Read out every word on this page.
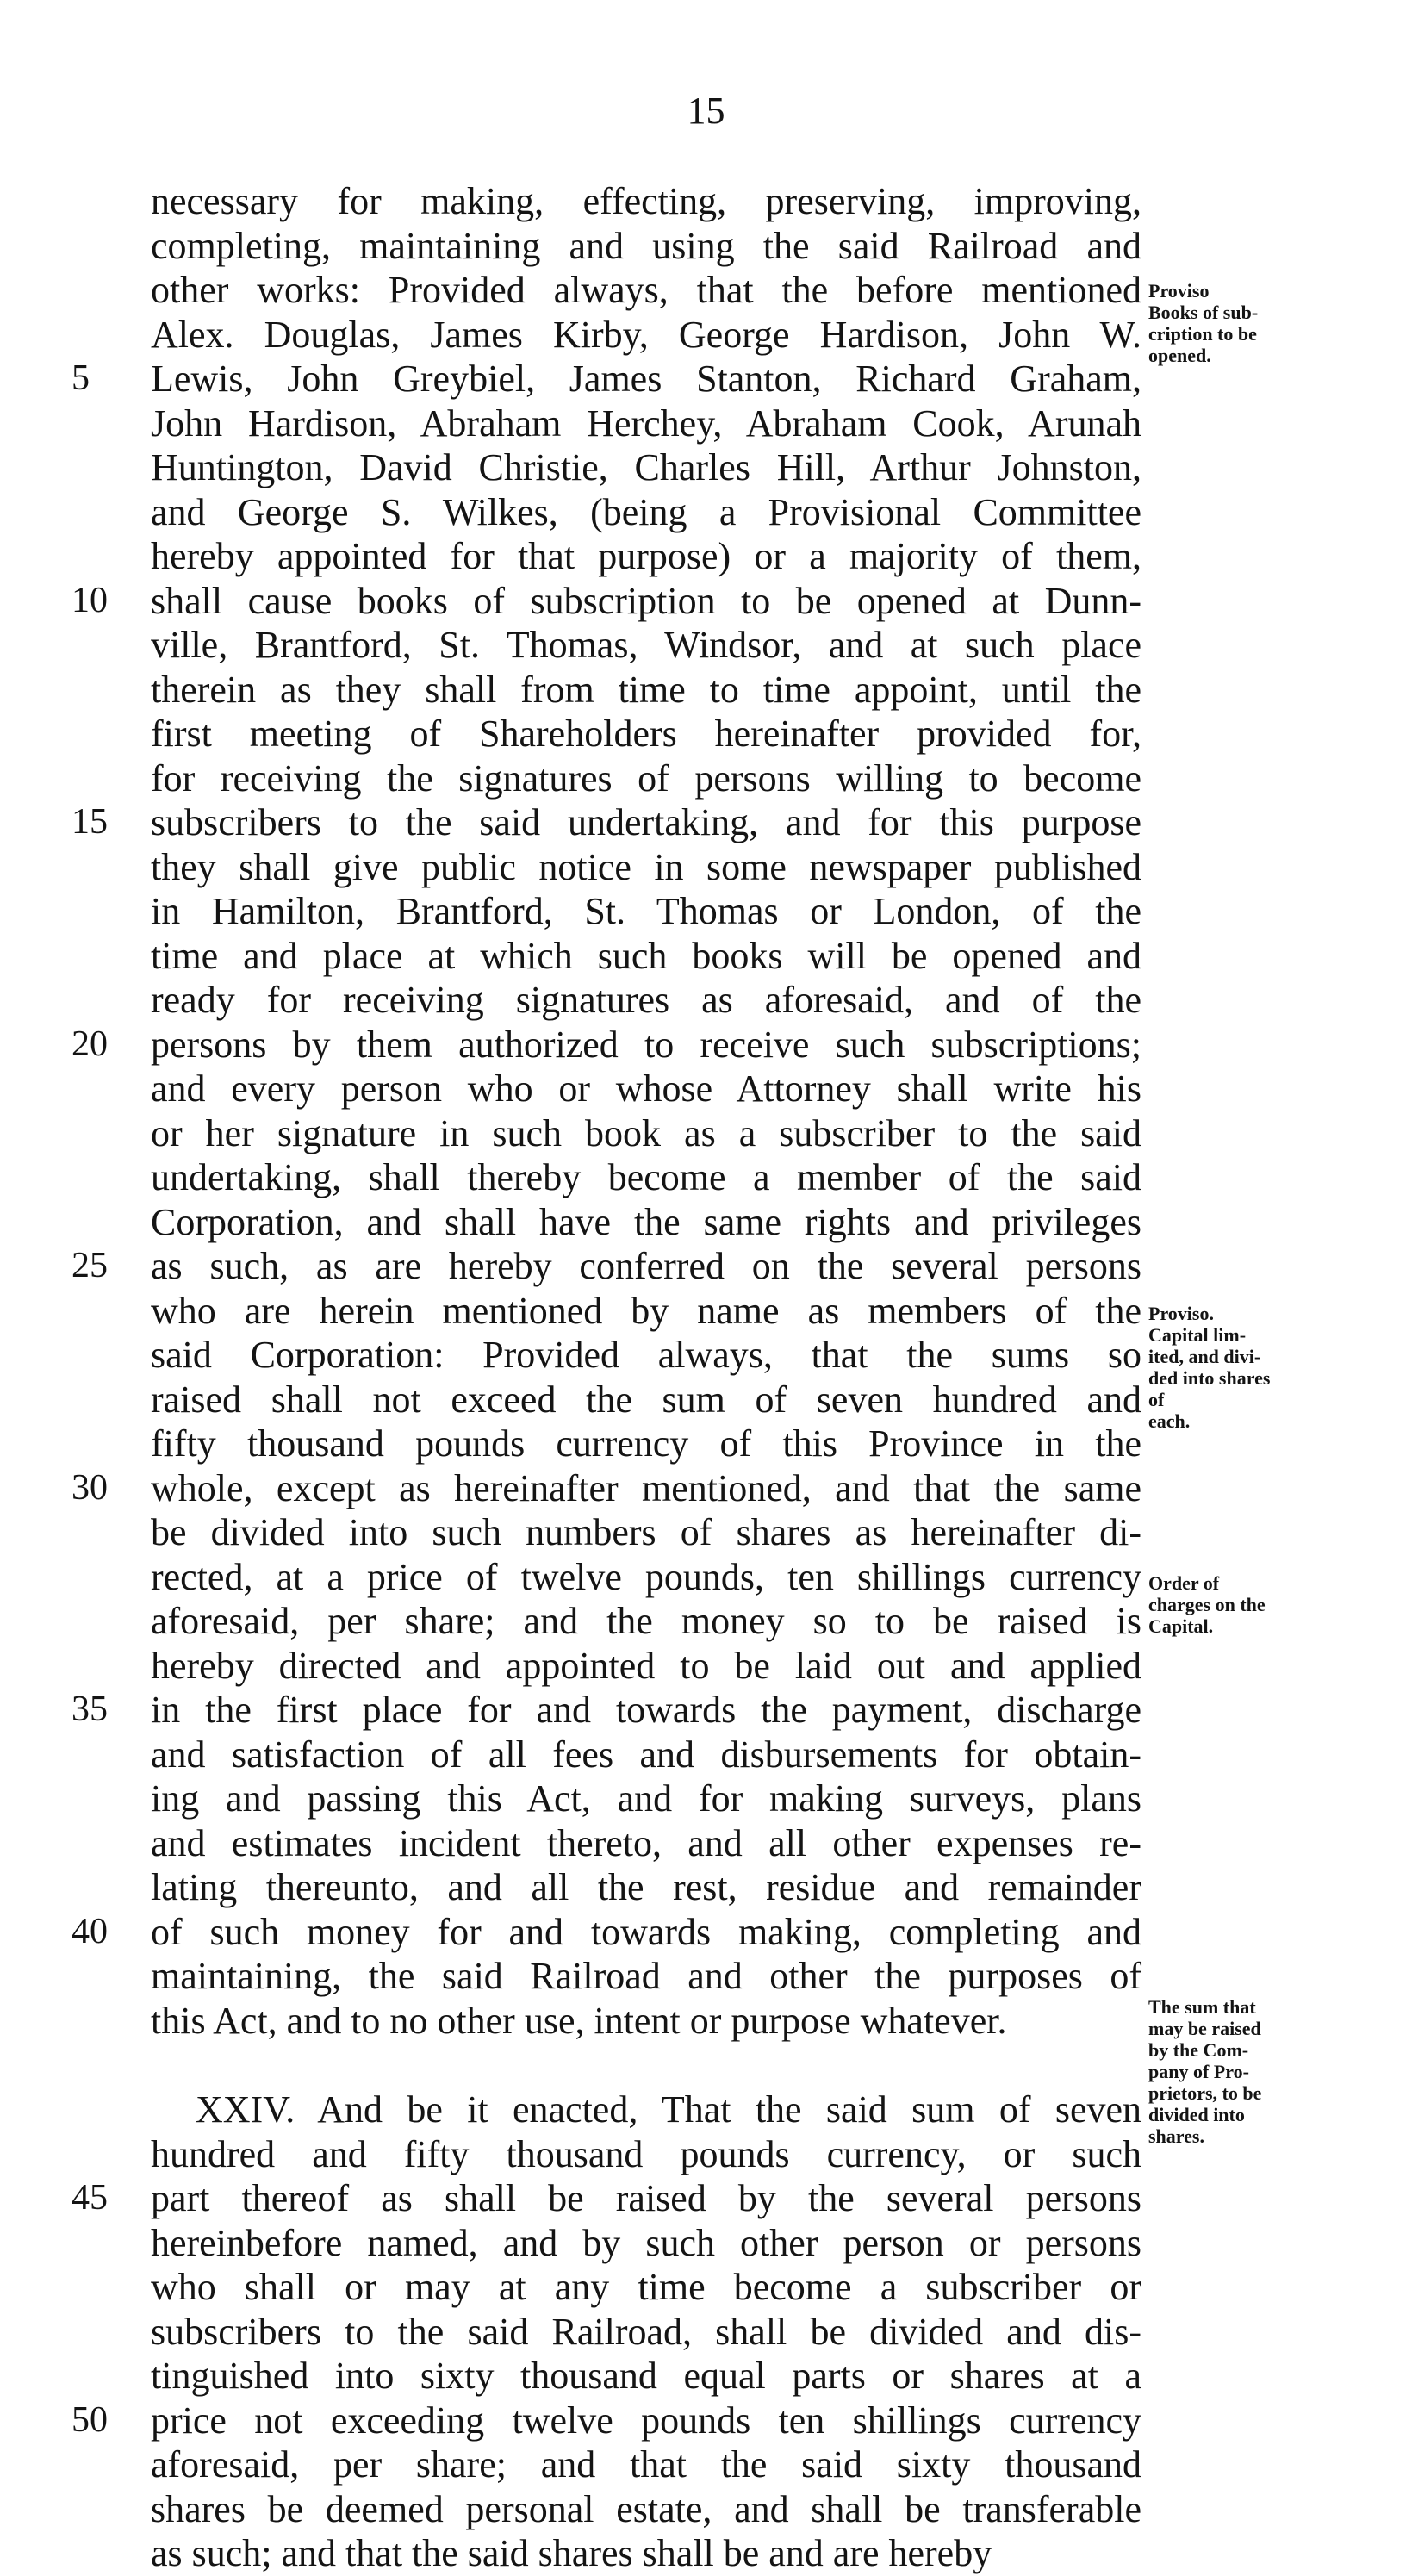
15
necessary for making, effecting, preserving, improving,
completing, maintaining and using the said Railroad and
other works: Provided always, that the before mentioned
Alex. Douglas, James Kirby, George Hardison, John W.
5	Lewis, John Greybiel, James Stanton, Richard Graham,
John Hardison, Abraham Herchey, Abraham Cook, Arunah
Huntington, David Christie, Charles Hill, Arthur Johnston,
and George S. Wilkes, (being a Provisional Committee
hereby appointed for that purpose) or a majority of them,
10	shall cause books of subscription to be opened at Dunn-
ville, Brantford, St. Thomas, Windsor, and at such place
therein as they shall from time to time appoint, until the
first meeting of Shareholders hereinafter provided for,
for receiving the signatures of persons willing to become
15	subscribers to the said undertaking, and for this purpose
they shall give public notice in some newspaper published
in Hamilton, Brantford, St. Thomas or London, of the
time and place at which such books will be opened and
ready for receiving signatures as aforesaid, and of the
20	persons by them authorized to receive such subscriptions;
and every person who or whose Attorney shall write his
or her signature in such book as a subscriber to the said
undertaking, shall thereby become a member of the said
Corporation, and shall have the same rights and privileges
25	as such, as are hereby conferred on the several persons
who are herein mentioned by name as members of the
said Corporation: Provided always, that the sums so
raised shall not exceed the sum of seven hundred and
fifty thousand pounds currency of this Province in the
30	whole, except as hereinafter mentioned, and that the same
be divided into such numbers of shares as hereinafter di-
rected, at a price of twelve pounds, ten shillings currency
aforesaid, per share; and the money so to be raised is
hereby directed and appointed to be laid out and applied
35	in the first place for and towards the payment, discharge
and satisfaction of all fees and disbursements for obtain-
ing and passing this Act, and for making surveys, plans
and estimates incident thereto, and all other expenses re-
lating thereunto, and all the rest, residue and remainder
40	of such money for and towards making, completing and
maintaining, the said Railroad and other the purposes of
this Act, and to no other use, intent or purpose whatever.
XXIV. And be it enacted, That the said sum of seven
hundred and fifty thousand pounds currency, or such
45	part thereof as shall be raised by the several persons
hereinbefore named, and by such other person or persons
who shall or may at any time become a subscriber or
subscribers to the said Railroad, shall be divided and dis-
tinguished into sixty thousand equal parts or shares at a
50	price not exceeding twelve pounds ten shillings currency
aforesaid, per share; and that the said sixty thousand
shares be deemed personal estate, and shall be transferable
as such; and that the said shares shall be and are hereby
Proviso
Books of sub-
cription to be
opened.
Proviso.
Capital lim-
ited, and divi-
ded into shares
of
each.
Order of
charges on the
Capital.
The sum that
may be raised
by the Com-
pany of Pro-
prietors, to be
divided into
shares.
